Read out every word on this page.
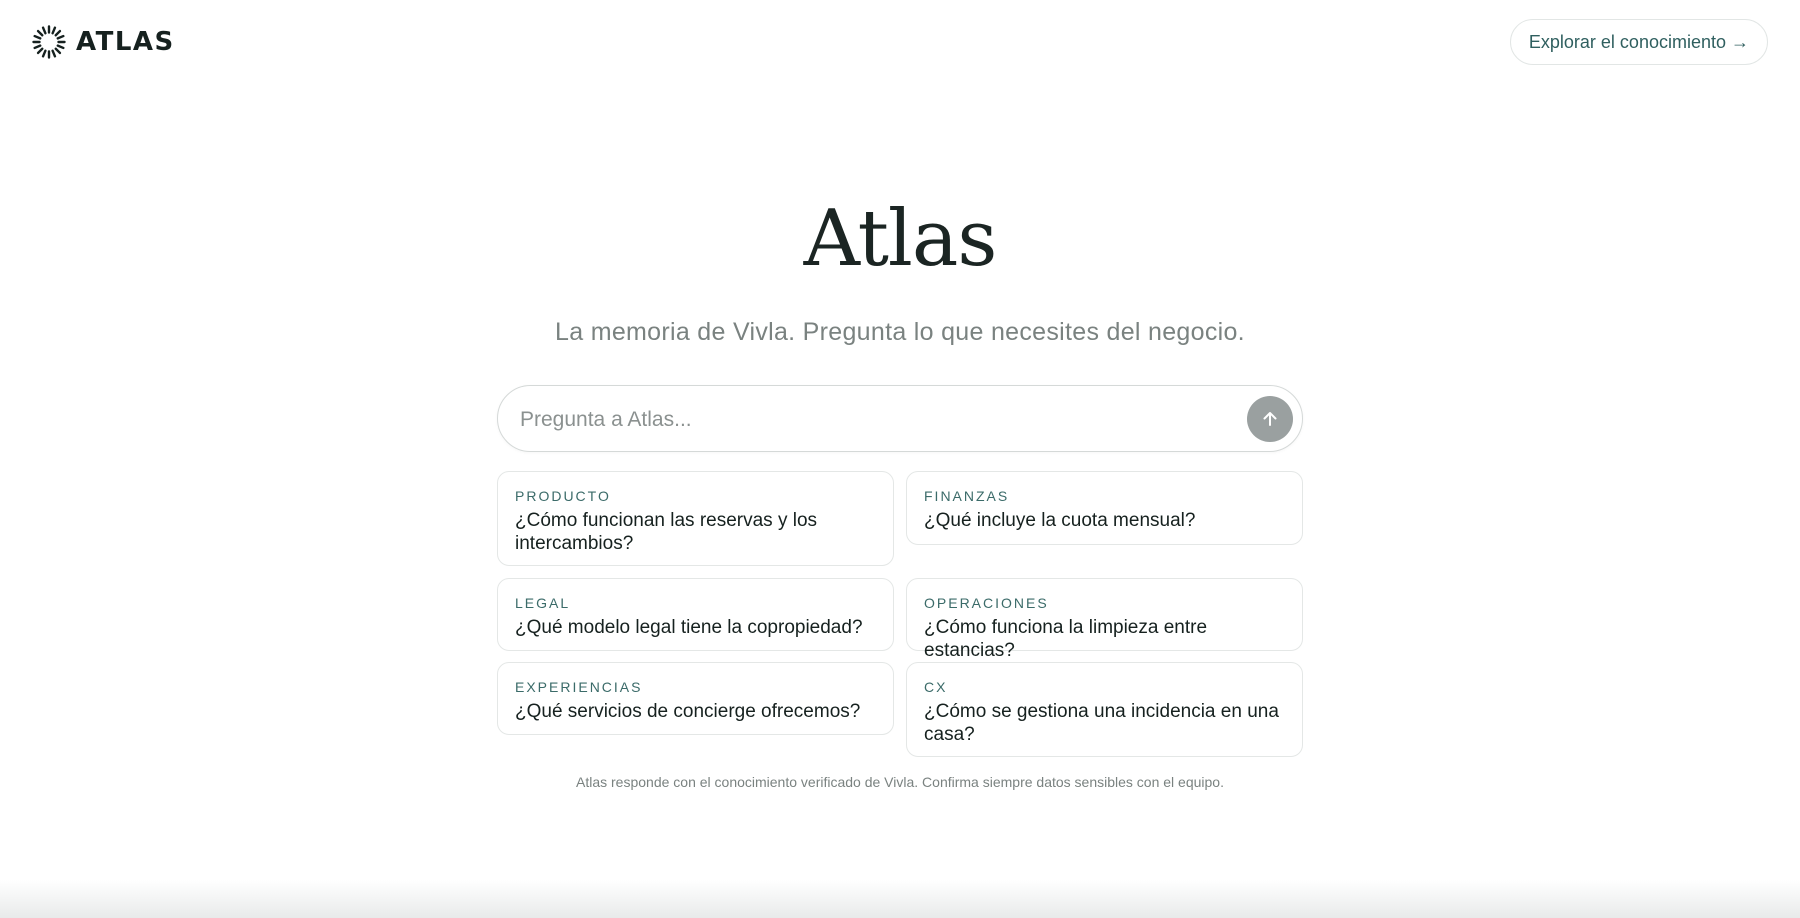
ATLAS	Explorar el conocimiento →
Atlas
La memoria de Vivla. Pregunta lo que necesites del negocio.
Pregunta a Atlas...
PRODUCTO
¿Cómo funcionan las reservas y los intercambios?
FINANZAS
¿Qué incluye la cuota mensual?
LEGAL
¿Qué modelo legal tiene la copropiedad?
OPERACIONES
¿Cómo funciona la limpieza entre estancias?
EXPERIENCIAS
¿Qué servicios de concierge ofrecemos?
CX
¿Cómo se gestiona una incidencia en una casa?
Atlas responde con el conocimiento verificado de Vivla. Confirma siempre datos sensibles con el equipo.
